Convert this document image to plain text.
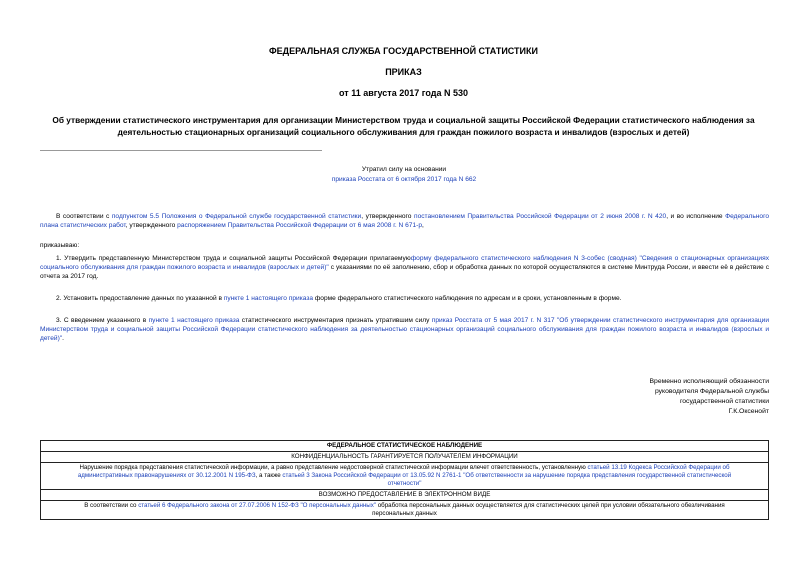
ФЕДЕРАЛЬНАЯ СЛУЖБА ГОСУДАРСТВЕННОЙ СТАТИСТИКИ
ПРИКАЗ
от 11 августа 2017 года N 530
Об утверждении статистического инструментария для организации Министерством труда и социальной защиты Российской Федерации статистического наблюдения за деятельностью стационарных организаций социального обслуживания для граждан пожилого возраста и инвалидов (взрослых и детей)
Утратил силу на основании
приказа Росстата от 6 октября 2017 года N 662
В соответствии с подпунктом 5.5 Положения о Федеральной службе государственной статистики, утвержденного постановлением Правительства Российской Федерации от 2 июня 2008 г. N 420, и во исполнение Федерального плана статистических работ, утвержденного распоряжением Правительства Российской Федерации от 6 мая 2008 г. N 671-р,
приказываю:
1. Утвердить представленную Министерством труда и социальной защиты Российской Федерации прилагаемуюформу федерального статистического наблюдения N 3-собес (сводная) "Сведения о стационарных организациях социального обслуживания для граждан пожилого возраста и инвалидов (взрослых и детей)" с указаниями по её заполнению, сбор и обработка данных по которой осуществляются в системе Минтруда России, и ввести её в действие с отчета за 2017 год.
2. Установить предоставление данных по указанной в пункте 1 настоящего приказа форме федерального статистического наблюдения по адресам и в сроки, установленным в форме.
3. С введением указанного в пункте 1 настоящего приказа статистического инструментария признать утратившим силу приказ Росстата от 5 мая 2017 г. N 317 "Об утверждении статистического инструментария для организации Министерством труда и социальной защиты Российской Федерации статистического наблюдения за деятельностью стационарных организаций социального обслуживания для граждан пожилого возраста и инвалидов (взрослых и детей)".
Временно исполняющий обязанности
руководителя Федеральной службы
государственной статистики
Г.К.Оксенойт
ФЕДЕРАЛЬНОЕ СТАТИСТИЧЕСКОЕ НАБЛЮДЕНИЕ
КОНФИДЕНЦИАЛЬНОСТЬ ГАРАНТИРУЕТСЯ ПОЛУЧАТЕЛЕМ ИНФОРМАЦИИ
Нарушение порядка представления статистической информации, а равно представление недостоверной статистической информации влечет ответственность, установленную статьей 13.19 Кодекса Российской Федерации об административных правонарушениях от 30.12.2001 N 195-ФЗ, а также статьей 3 Закона Российской Федерации от 13.05.92 N 2761-1 "Об ответственности за нарушение порядка представления государственной статистической отчетности"
ВОЗМОЖНО ПРЕДОСТАВЛЕНИЕ В ЭЛЕКТРОННОМ ВИДЕ
В соответствии со статьей 6 Федерального закона от 27.07.2006 N 152-ФЗ "О персональных данных" обработка персональных данных осуществляется для статистических целей при условии обязательного обезличивания персональных данных
